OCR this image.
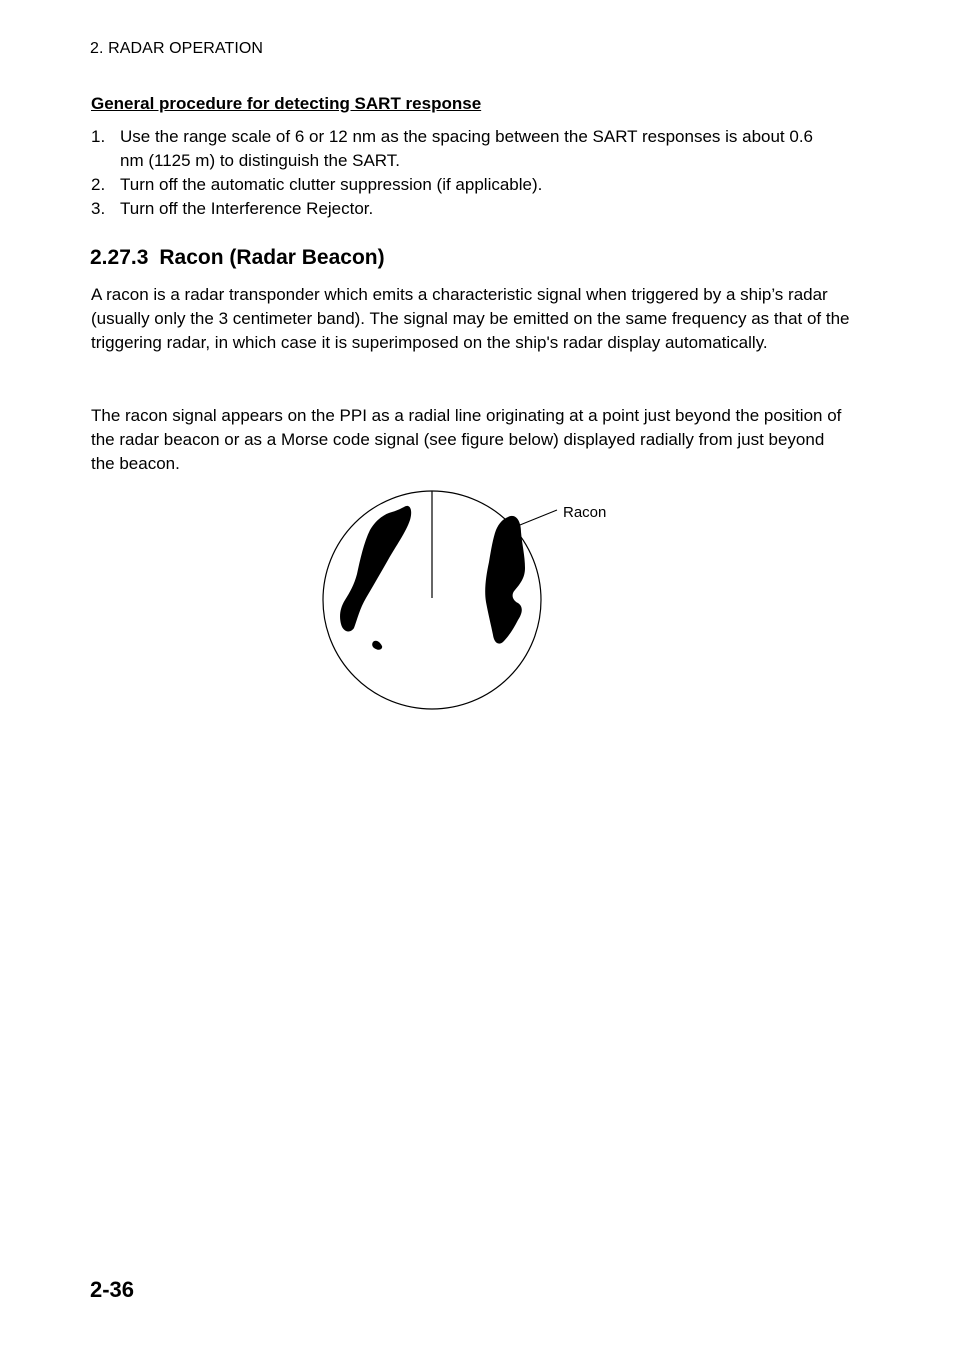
2. RADAR OPERATION
General procedure for detecting SART response
1. Use the range scale of 6 or 12 nm as the spacing between the SART responses is about 0.6 nm (1125 m) to distinguish the SART.
2. Turn off the automatic clutter suppression (if applicable).
3. Turn off the Interference Rejector.
2.27.3 Racon (Radar Beacon)

A racon is a radar transponder which emits a characteristic signal when triggered by a ship’s radar (usually only the 3 centimeter band). The signal may be emitted on the same frequency as that of the triggering radar, in which case it is superimposed on the ship's radar display automatically.

The racon signal appears on the PPI as a radial line originating at a point just beyond the position of the radar beacon or as a Morse code signal (see figure below) displayed radially from just beyond the beacon.

Racon
2-36
